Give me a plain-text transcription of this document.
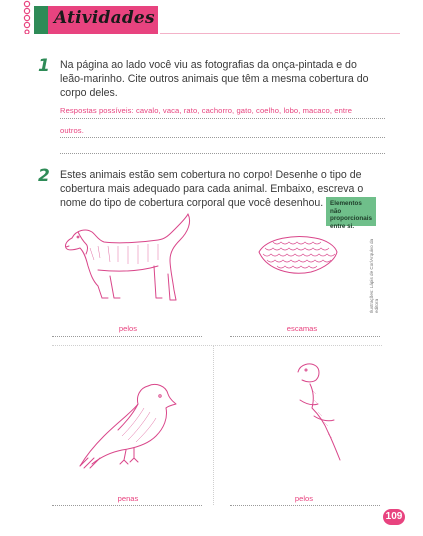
Atividades
1 Na página ao lado você viu as fotografias da onça-pintada e do
leão-marinho. Cite outros animais que têm a mesma cobertura do
corpo deles.
Respostas possíveis: cavalo, vaca, rato, cachorro, gato, coelho, lobo, macaco, entre
outros.
2 Estes animais estão sem cobertura no corpo! Desenhe o tipo de
cobertura mais adequado para cada animal. Embaixo, escreva o
nome do tipo de cobertura corporal que você desenhou.	Elementos não proporcionais entre si.
Ilustrações: Lápis de Cor/Arquivo da editora
pelos	escamas
penas	pelos
109
